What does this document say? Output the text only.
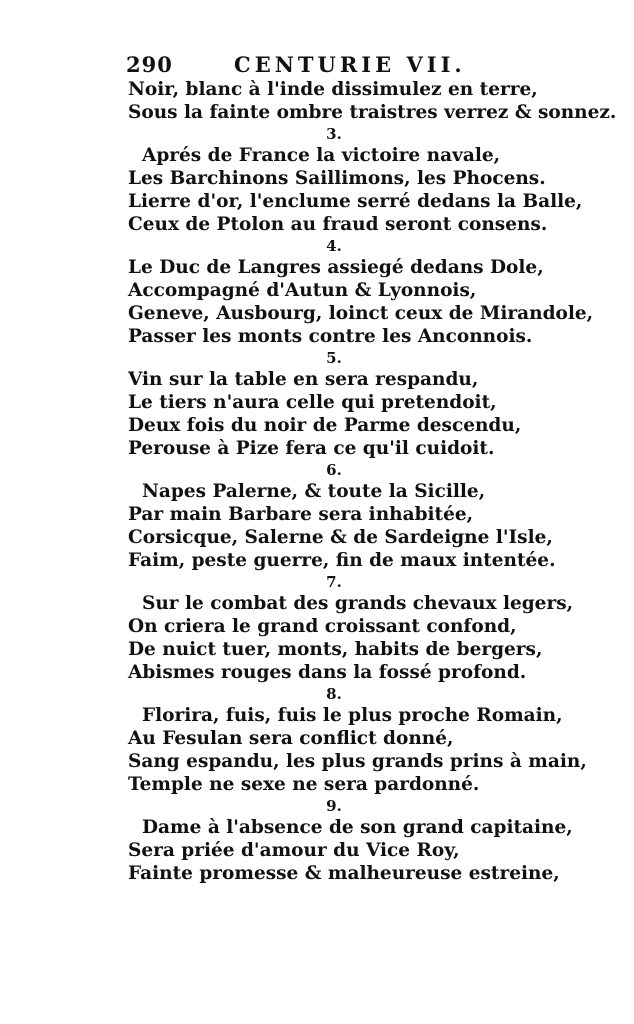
290	CENTURIE VII.
Noir, blanc à l'inde dissimulez en terre,
Sous la fainte ombre traistres verrez & sonnez.
3.
Aprés de France la victoire navale,
Les Barchinons Saillimons, les Phocens.
Lierre d'or, l'enclume serré dedans la Balle,
Ceux de Ptolon au fraud seront consens.
4.
Le Duc de Langres assiegé dedans Dole,
Accompagné d'Autun & Lyonnois,
Geneve, Ausbourg, loinct ceux de Mirandole,
Passer les monts contre les Anconnois.
5.
Vin sur la table en sera respandu,
Le tiers n'aura celle qui pretendoit,
Deux fois du noir de Parme descendu,
Perouse à Pize fera ce qu'il cuidoit.
6.
Napes Palerne, & toute la Sicille,
Par main Barbare sera inhabitée,
Corsicque, Salerne & de Sardeigne l'Isle,
Faim, peste guerre, fin de maux intentée.
7.
Sur le combat des grands chevaux legers,
On criera le grand croissant confond,
De nuict tuer, monts, habits de bergers,
Abismes rouges dans la fossé profond.
8.
Florira, fuis, fuis le plus proche Romain,
Au Fesulan sera conflict donné,
Sang espandu, les plus grands prins à main,
Temple ne sexe ne sera pardonné.
9.
Dame à l'absence de son grand capitaine,
Sera priée d'amour du Vice Roy,
Fainte promesse & malheureuse estreine,
